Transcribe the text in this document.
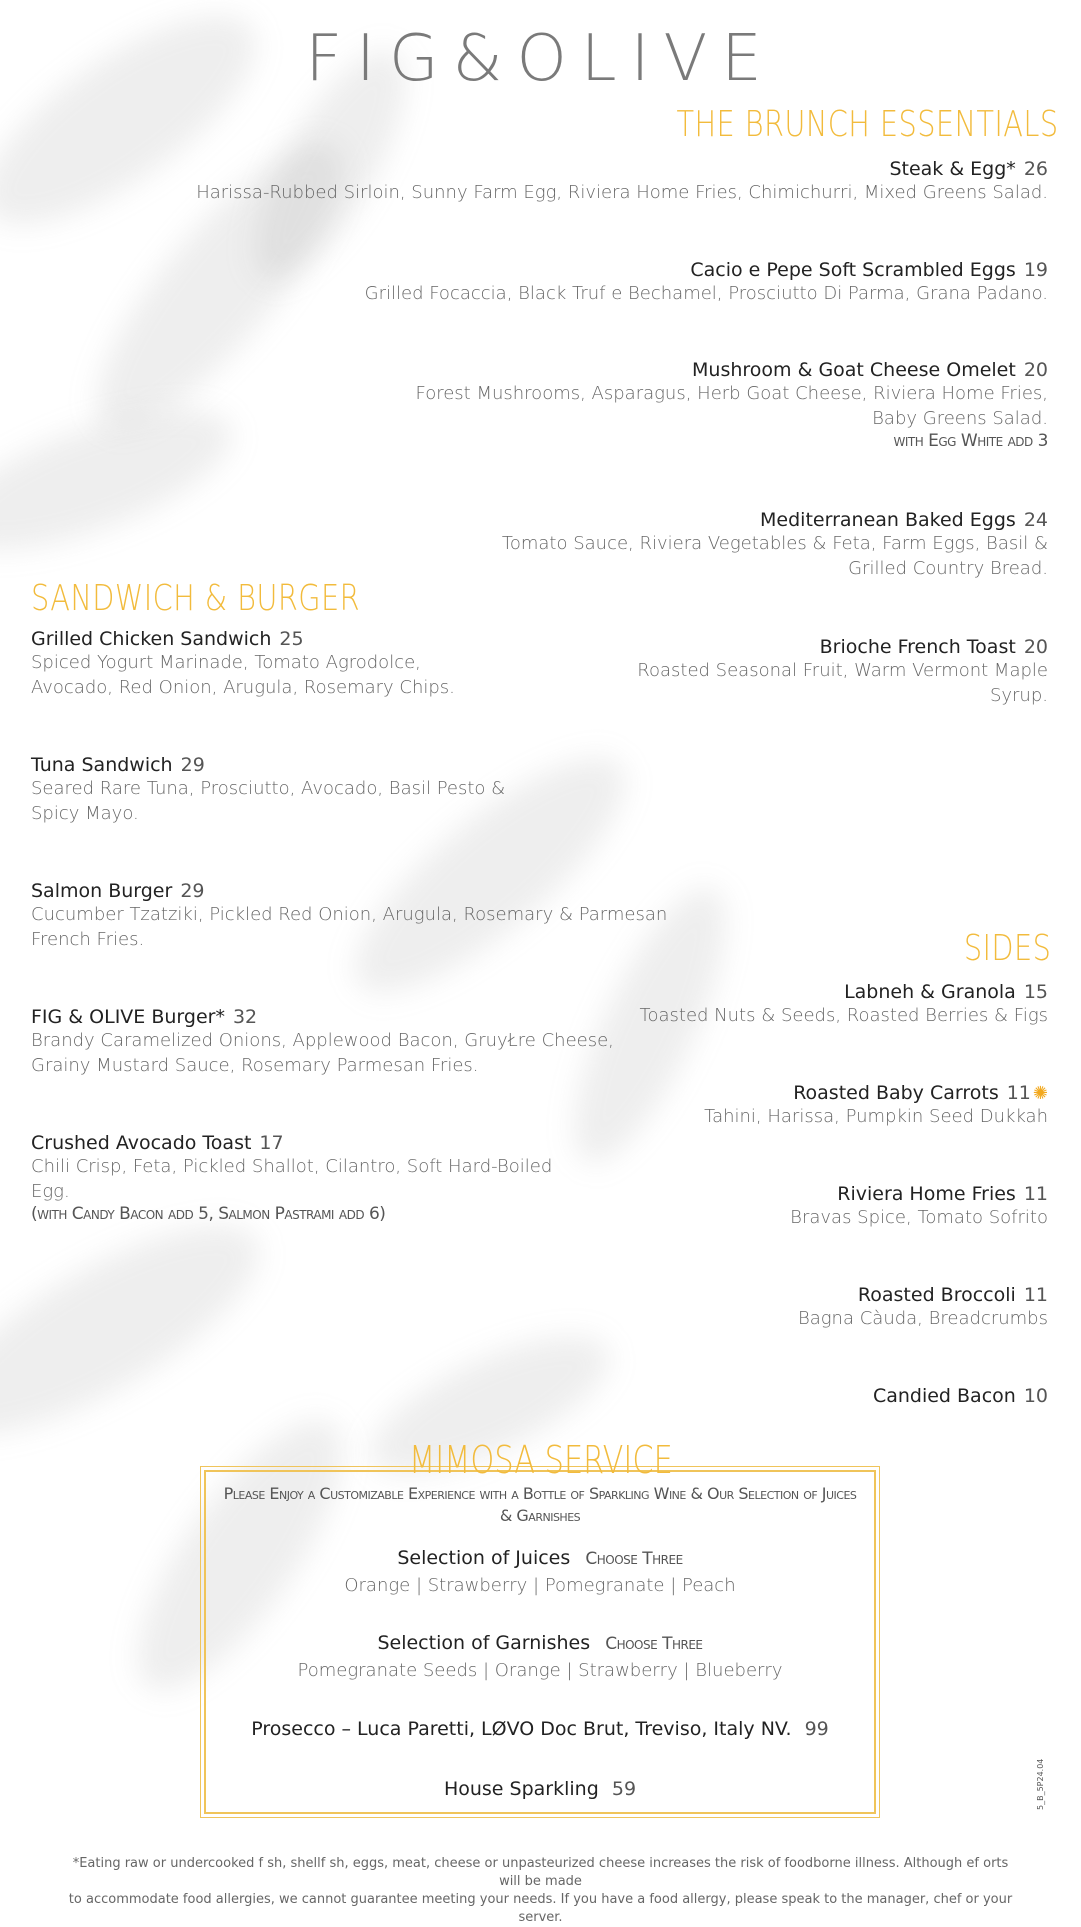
FIG&OLIVE
THE BRUNCH ESSENTIALS
Steak & Egg* 26
Harissa-Rubbed Sirloin, Sunny Farm Egg, Riviera Home Fries, Chimichurri, Mixed Greens Salad.
Cacio e Pepe Soft Scrambled Eggs 19
Grilled Focaccia, Black Truf e Bechamel, Prosciutto Di Parma, Grana Padano.
Mushroom & Goat Cheese Omelet 20
Forest Mushrooms, Asparagus, Herb Goat Cheese, Riviera Home Fries,
Baby Greens Salad.
with Egg White add 3
Mediterranean Baked Eggs 24
Tomato Sauce, Riviera Vegetables & Feta, Farm Eggs, Basil &
Grilled Country Bread.
Brioche French Toast 20
Roasted Seasonal Fruit, Warm Vermont Maple
Syrup.
SANDWICH & BURGER
Grilled Chicken Sandwich 25
Spiced Yogurt Marinade, Tomato Agrodolce,
Avocado, Red Onion, Arugula, Rosemary Chips.
Tuna Sandwich 29
Seared Rare Tuna, Prosciutto, Avocado, Basil Pesto &
Spicy Mayo.
Salmon Burger 29
Cucumber Tzatziki, Pickled Red Onion, Arugula, Rosemary & Parmesan
French Fries.
FIG & OLIVE Burger* 32
Brandy Caramelized Onions, Applewood Bacon, GruyŁre Cheese,
Grainy Mustard Sauce, Rosemary Parmesan Fries.
Crushed Avocado Toast 17
Chili Crisp, Feta, Pickled Shallot, Cilantro, Soft Hard-Boiled
Egg.
(with Candy Bacon add 5, Salmon Pastrami add 6)
SIDES
Labneh & Granola 15
Toasted Nuts & Seeds, Roasted Berries & Figs
Roasted Baby Carrots 11 ✺
Tahini, Harissa, Pumpkin Seed Dukkah
Riviera Home Fries 11
Bravas Spice, Tomato Sofrito
Roasted Broccoli 11
Bagna Càuda, Breadcrumbs
Candied Bacon 10
MIMOSA SERVICE
Please Enjoy a Customizable Experience with a Bottle of Sparkling Wine & Our Selection of Juices
& Garnishes
Selection of Juices Choose Three
Orange | Strawberry | Pomegranate | Peach
Selection of Garnishes Choose Three
Pomegranate Seeds | Orange | Strawberry | Blueberry
Prosecco – Luca Paretti, LØVO Doc Brut, Treviso, Italy NV. 99
House Sparkling 59	5_B_5P24.04
*Eating raw or undercooked f sh, shellf sh, eggs, meat, cheese or unpasteurized cheese increases the risk of foodborne illness. Although ef orts will be made
to accommodate food allergies, we cannot guarantee meeting your needs. If you have a food allergy, please speak to the manager, chef or your server.
